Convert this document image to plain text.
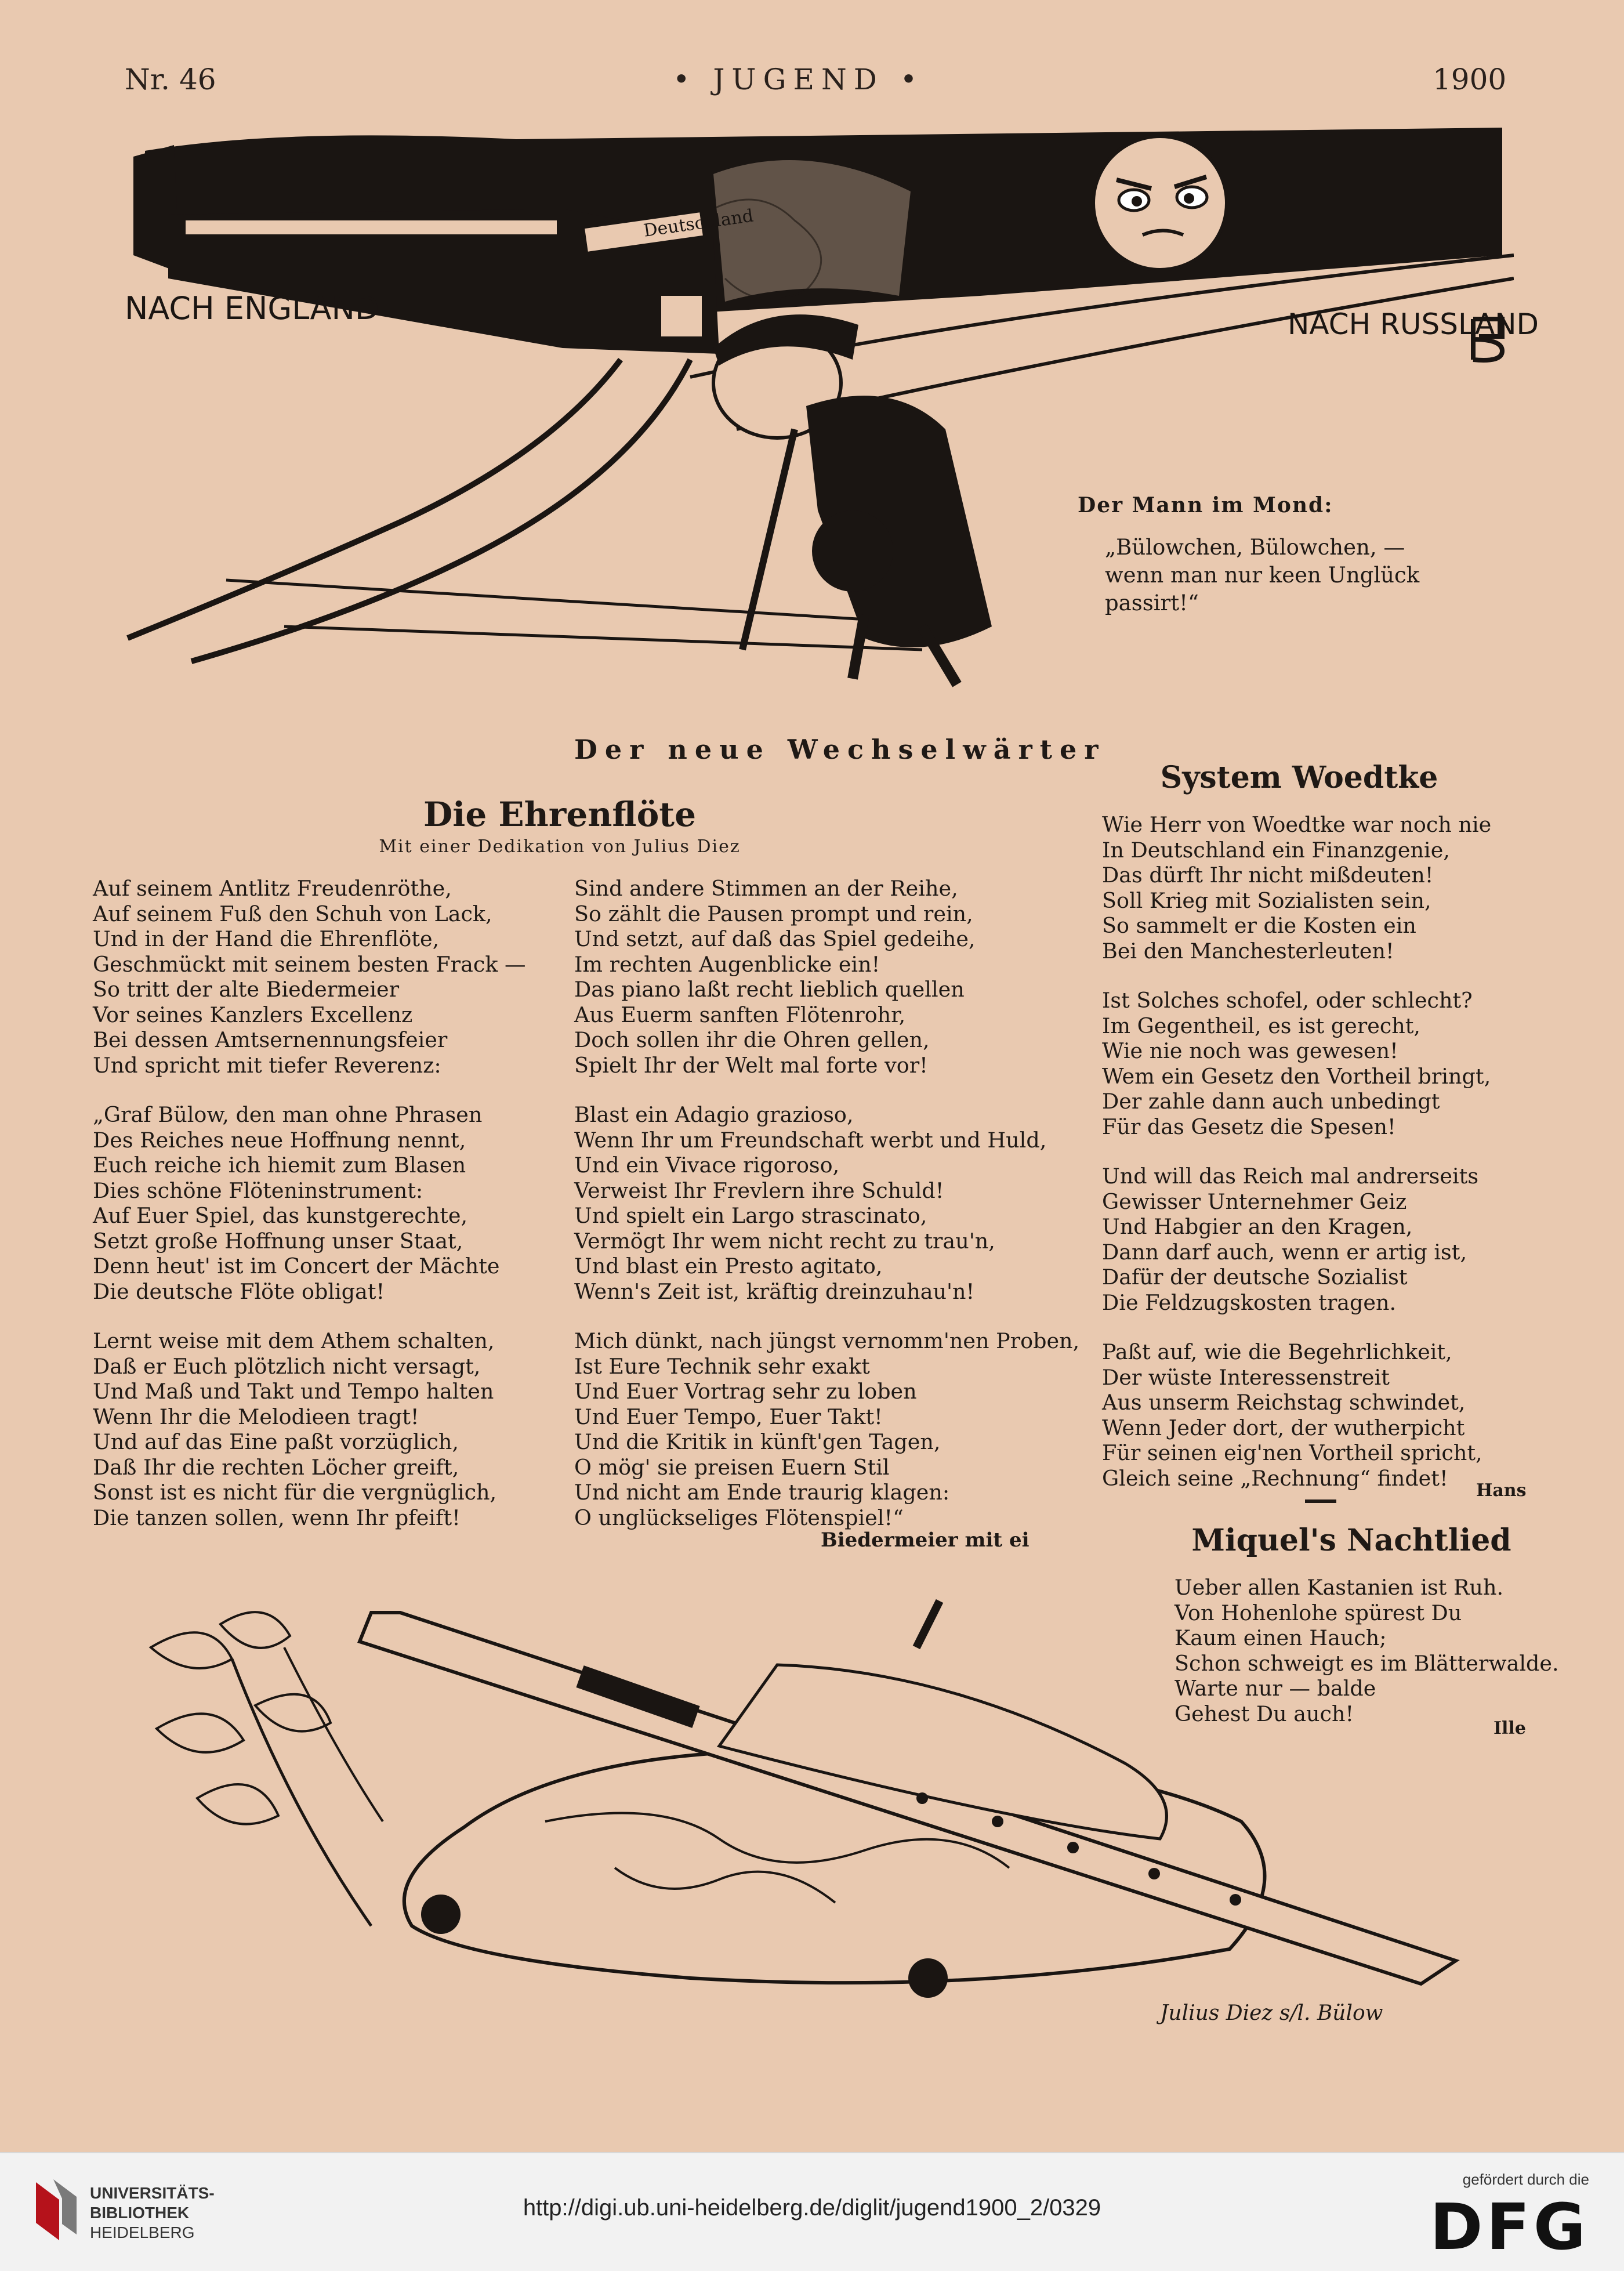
Nr. 46	• JUGEND •	1900
Deutschland
NACH ENGLAND	NACH RUSSLAND
Der Mann im Mond:
„Bülowchen, Bülowchen, —
wenn man nur keen Unglück
passirt!“
Der neue Wechselwärter
Die Ehrenflöte
Mit einer Dedikation von Julius Diez
Auf seinem Antlitz Freudenröthe,
Auf seinem Fuß den Schuh von Lack,
Und in der Hand die Ehrenflöte,
Geschmückt mit seinem besten Frack —
So tritt der alte Biedermeier
Vor seines Kanzlers Excellenz
Bei dessen Amtsernennungsfeier
Und spricht mit tiefer Reverenz:
„Graf Bülow, den man ohne Phrasen
Des Reiches neue Hoffnung nennt,
Euch reiche ich hiemit zum Blasen
Dies schöne Flöteninstrument:
Auf Euer Spiel, das kunstgerechte,
Setzt große Hoffnung unser Staat,
Denn heut' ist im Concert der Mächte
Die deutsche Flöte obligat!
Lernt weise mit dem Athem schalten,
Daß er Euch plötzlich nicht versagt,
Und Maß und Takt und Tempo halten
Wenn Ihr die Melodieen tragt!
Und auf das Eine paßt vorzüglich,
Daß Ihr die rechten Löcher greift,
Sonst ist es nicht für die vergnüglich,
Die tanzen sollen, wenn Ihr pfeift!
Sind andere Stimmen an der Reihe,
So zählt die Pausen prompt und rein,
Und setzt, auf daß das Spiel gedeihe,
Im rechten Augenblicke ein!
Das piano laßt recht lieblich quellen
Aus Euerm sanften Flötenrohr,
Doch sollen ihr die Ohren gellen,
Spielt Ihr der Welt mal forte vor!
Blast ein Adagio grazioso,
Wenn Ihr um Freundschaft werbt und Huld,
Und ein Vivace rigoroso,
Verweist Ihr Frevlern ihre Schuld!
Und spielt ein Largo strascinato,
Vermögt Ihr wem nicht recht zu trau'n,
Und blast ein Presto agitato,
Wenn's Zeit ist, kräftig dreinzuhau'n!
Mich dünkt, nach jüngst vernomm'nen Proben,
Ist Eure Technik sehr exakt
Und Euer Vortrag sehr zu loben
Und Euer Tempo, Euer Takt!
Und die Kritik in künft'gen Tagen,
O mög' sie preisen Euern Stil
Und nicht am Ende traurig klagen:
O unglückseliges Flötenspiel!“
Biedermeier mit ei
System Woedtke
Wie Herr von Woedtke war noch nie
In Deutschland ein Finanzgenie,
Das dürft Ihr nicht mißdeuten!
Soll Krieg mit Sozialisten sein,
So sammelt er die Kosten ein
Bei den Manchesterleuten!
Ist Solches schofel, oder schlecht?
Im Gegentheil, es ist gerecht,
Wie nie noch was gewesen!
Wem ein Gesetz den Vortheil bringt,
Der zahle dann auch unbedingt
Für das Gesetz die Spesen!
Und will das Reich mal andrerseits
Gewisser Unternehmer Geiz
Und Habgier an den Kragen,
Dann darf auch, wenn er artig ist,
Dafür der deutsche Sozialist
Die Feldzugskosten tragen.
Paßt auf, wie die Begehrlichkeit,
Der wüste Interessenstreit
Aus unserm Reichstag schwindet,
Wenn Jeder dort, der wutherpicht
Für seinen eig'nen Vortheil spricht,
Gleich seine „Rechnung“ findet!	Hans
Miquel's Nachtlied
Ueber allen Kastanien ist Ruh.
Von Hohenlohe spürest Du
Kaum einen Hauch;
Schon schweigt es im Blätterwalde.
Warte nur — balde
Gehest Du auch!
Ille
Julius Diez s/l. Bülow
UNIVERSITÄTS-
BIBLIOTHEK
HEIDELBERG
http://digi.ub.uni-heidelberg.de/diglit/jugend1900_2/0329
gefördert durch die
DFG
